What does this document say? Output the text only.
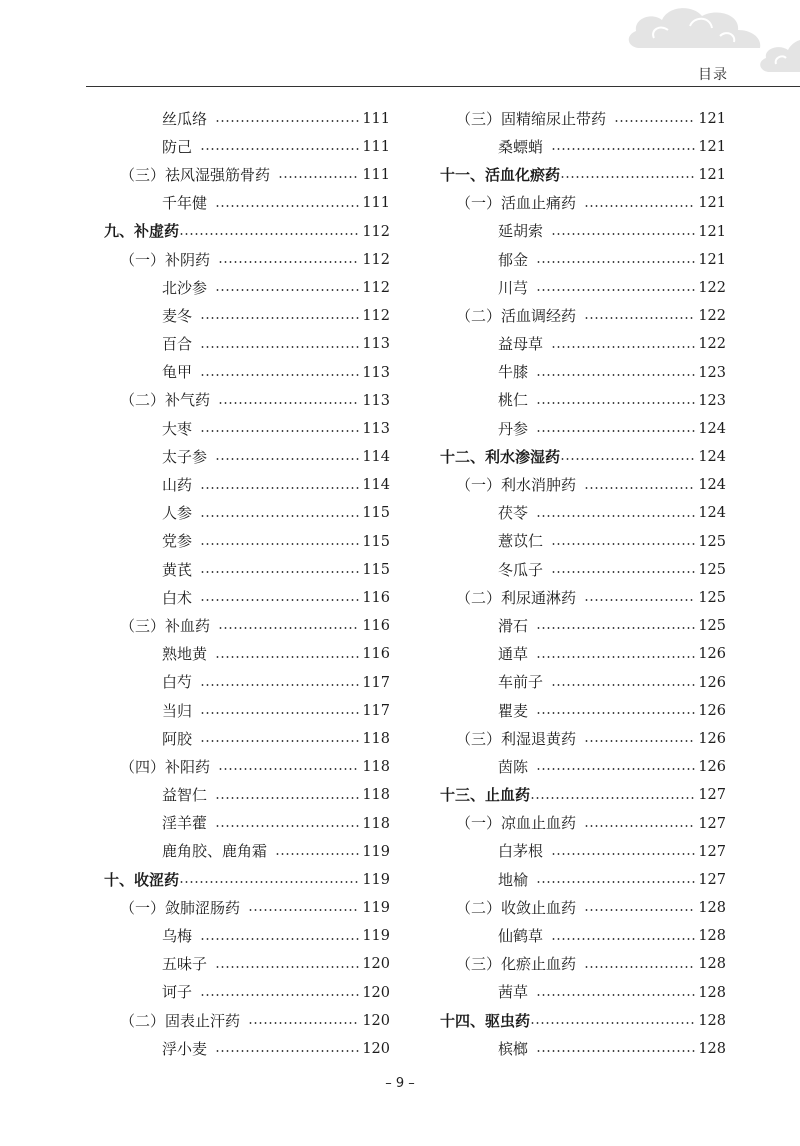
目录
丝瓜络	111
防己	111
（三）祛风湿强筋骨药	111
千年健	111
九、补虚药	112
（一）补阴药	112
北沙参	112
麦冬	112
百合	113
龟甲	113
（二）补气药	113
大枣	113
太子参	114
山药	114
人参	115
党参	115
黄芪	115
白术	116
（三）补血药	116
熟地黄	116
白芍	117
当归	117
阿胶	118
（四）补阳药	118
益智仁	118
淫羊藿	118
鹿角胶、鹿角霜	119
十、收涩药	119
（一）敛肺涩肠药	119
乌梅	119
五味子	120
诃子	120
（二）固表止汗药	120
浮小麦	120
（三）固精缩尿止带药	121
桑螵蛸	121
十一、活血化瘀药	121
（一）活血止痛药	121
延胡索	121
郁金	121
川芎	122
（二）活血调经药	122
益母草	122
牛膝	123
桃仁	123
丹参	124
十二、利水渗湿药	124
（一）利水消肿药	124
茯苓	124
薏苡仁	125
冬瓜子	125
（二）利尿通淋药	125
滑石	125
通草	126
车前子	126
瞿麦	126
（三）利湿退黄药	126
茵陈	126
十三、止血药	127
（一）凉血止血药	127
白茅根	127
地榆	127
（二）收敛止血药	128
仙鹤草	128
（三）化瘀止血药	128
茜草	128
十四、驱虫药	128
槟榔	128
– 9 –
